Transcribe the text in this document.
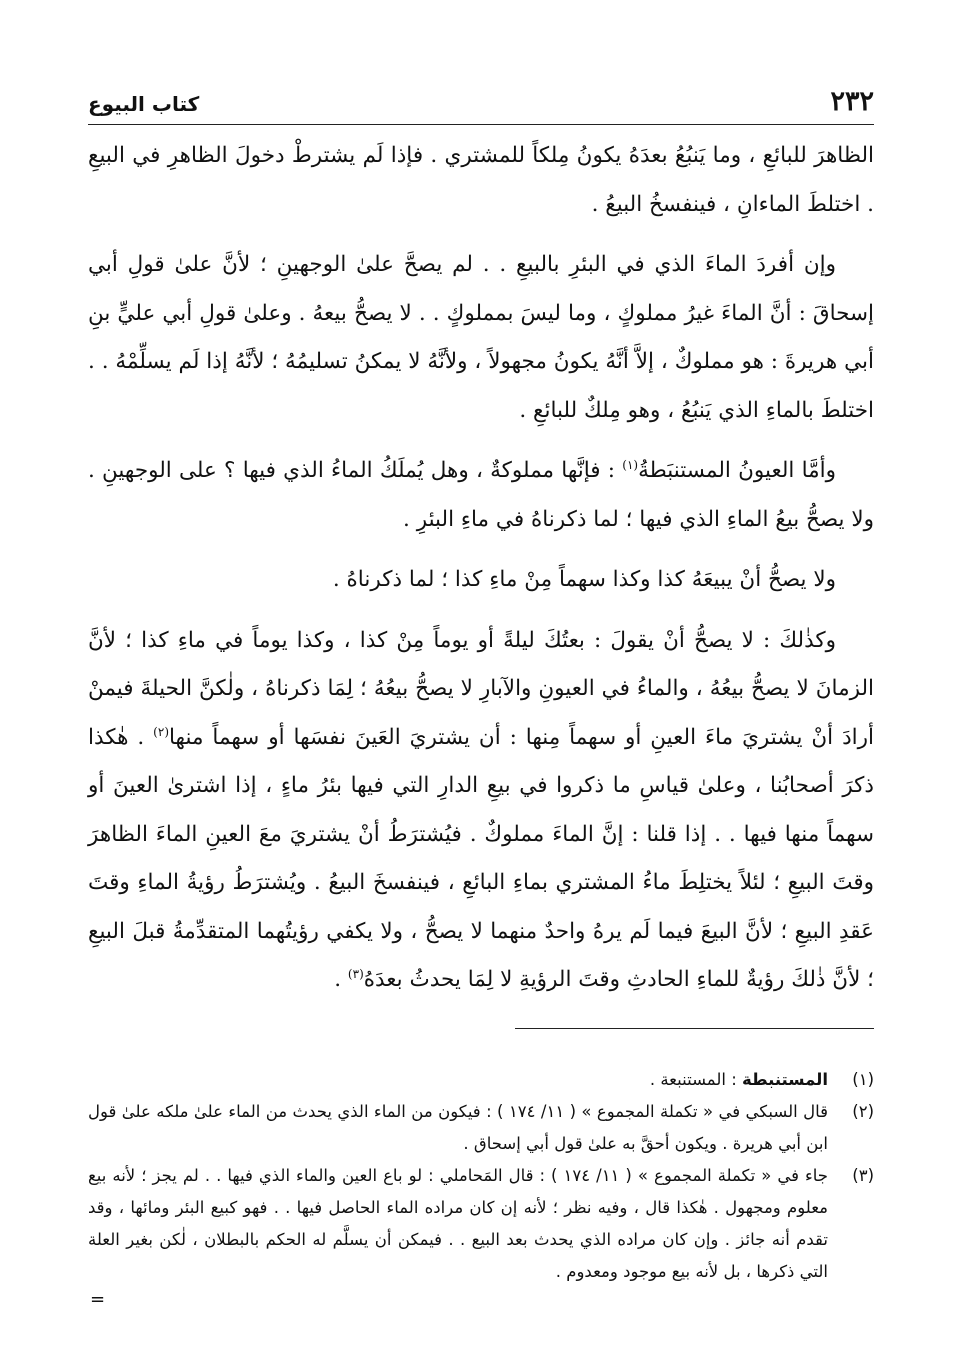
٢٣٢
كتاب البيوع

الظاهرَ للبائعِ ، وما يَنبُعُ بعدَهُ يكونُ مِلكاً للمشتري . فإذا لَم يشترطْ دخولَ الظاهرِ في البيعِ . اختلطَ الماءانِ ، فينفسخُ البيعُ .

وإن أفردَ الماءَ الذي في البئرِ بالبيعِ . . لم يصحَّ علىٰ الوجهينِ ؛ لأنَّ علىٰ قولِ أبي إسحاقَ : أنَّ الماءَ غيرُ مملوكٍ ، وما ليسَ بمملوكٍ . . لا يصحُّ بيعهُ . وعلىٰ قولِ أبي عليٍّ بنِ أبي هريرةَ : هو مملوكٌ ، إلاَّ أنَّهُ يكونُ مجهولاً ، ولأنَّهُ لا يمكنُ تسليمُهُ ؛ لأنَّهُ إذا لَم يسلِّمْهُ . . اختلطَ بالماءِ الذي يَنبُعُ ، وهو مِلكٌ للبائعِ .

وأمَّا العيونُ المستنبَطةُ$^{(١)}$ : فإنَّها مملوكةٌ ، وهل يُملَكُ الماءُ الذي فيها ؟ على الوجهينِ . ولا يصحُّ بيعُ الماءِ الذي فيها ؛ لما ذكرناهُ في ماءِ البئرِ .

ولا يصحُّ أنْ يبيعَهُ كذا وكذا سهماً مِنْ ماءِ كذا ؛ لما ذكرناهُ .

وكذٰلكَ : لا يصحُّ أنْ يقولَ : بعتُكَ ليلةً أو يوماً مِنْ كذا ، وكذا يوماً في ماءِ كذا ؛ لأنَّ الزمانَ لا يصحُّ بيعُهُ ، والماءُ في العيونِ والآبارِ لا يصحُّ بيعُهُ ؛ لِمَا ذكرناهُ ، ولٰكنَّ الحيلةَ فيمنْ أرادَ أنْ يشتريَ ماءَ العينِ أو سهماً مِنها : أن يشتريَ العَينَ نفسَها أو سهماً منها$^{(٢)}$ . هٰكذا ذكرَ أصحابُنا ، وعلىٰ قياسِ ما ذكروا في بيعِ الدارِ التي فيها بئرُ ماءٍ ، إذا اشترىٰ العينَ أو سهماً منها فيها . . إذا قلنا : إنَّ الماءَ مملوكٌ . فيُشترَطُ أنْ يشتريَ معَ العينِ الماءَ الظاهرَ وقتَ البيعِ ؛ لئلاً يختلِطَ ماءُ المشتري بماءِ البائعِ ، فينفسخَ البيعُ . ويُشترَطُ رؤيةُ الماءِ وقتَ عَقدِ البيعِ ؛ لأنَّ البيعَ فيما لَم يرهُ واحدٌ منهما لا يصحُّ ، ولا يكفي رؤيتُهما المتقدِّمةُ قبلَ البيعِ ؛ لأنَّ ذٰلكَ رؤيةٌ للماءِ الحادثِ وقتَ الرؤيةِ لا لِمَا يحدثُ بعدَهُ$^{(٣)}$ .

(١)
المستنبطة : المستنبعة .

(٢)
قال السبكي في « تكملة المجموع » ( ١١/ ١٧٤ ) : فيكون من الماء الذي يحدث من الماء علىٰ ملكه علىٰ قول ابن أبي هريرة . ويكون أحقَّ به علىٰ قول أبي إسحاق .

(٣)
جاء في « تكملة المجموع » ( ١١/ ١٧٤ ) : قال المَحاملي : لو باع العين والماء الذي فيها . . لم يجز ؛ لأنه بيع معلوم ومجهول . هٰكذا قال ، وفيه نظر ؛ لأنه إن كان مراده الماء الحاصل فيها . . فهو كبيع البئر ومائها ، وقد تقدم أنه جائز . وإن كان مراده الذي يحدث بعد البيع . . فيمكن أن يسلَّم له الحكم بالبطلان ، لٰكن بغير العلة التي ذكرها ، بل لأنه بيع موجود ومعدوم .

=
